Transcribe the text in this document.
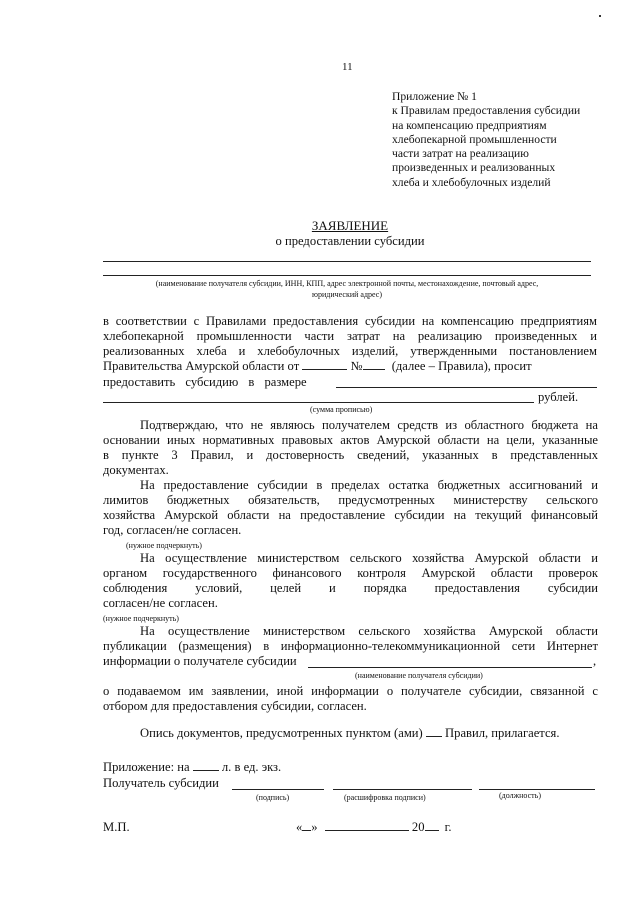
11
Приложение № 1
к Правилам предоставления субсидии
на компенсацию предприятиям
хлебопекарной промышленности
части затрат на реализацию
произведенных и реализованных
хлеба и хлебобулочных изделий
ЗАЯВЛЕНИЕ
о предоставлении субсидии
(наименование получателя субсидии, ИНН, КПП, адрес электронной почты, местонахождение, почтовый адрес,
юридический адрес)
в соответствии с Правилами предоставления субсидии на компенсацию предприятиям
хлебопекарной промышленности части затрат на реализацию произведенных и
реализованных хлеба и хлебобулочных изделий, утвержденными постановлением
Правительства Амурской области от	№ (далее – Правила), просит
предоставить субсидию в размере
рублей.
(сумма прописью)
Подтверждаю, что не являюсь получателем средств из областного бюджета на
основании иных нормативных правовых актов Амурской области на цели, указанные
в пункте 3 Правил, и достоверность сведений, указанных в представленных
документах.
На предоставление субсидии в пределах остатка бюджетных ассигнований и
лимитов бюджетных обязательств, предусмотренных министерству сельского
хозяйства Амурской области на предоставление субсидии на текущий финансовый
год, согласен/не согласен.
(нужное подчеркнуть)
На осуществление министерством сельского хозяйства Амурской области и
органом государственного финансового контроля Амурской области проверок
соблюдения условий, целей и порядка предоставления субсидии
согласен/не согласен.
(нужное подчеркнуть)
На осуществление министерством сельского хозяйства Амурской области
публикации (размещения) в информационно-телекоммуникационной сети Интернет
информации о получателе субсидии	,
(наименование получателя субсидии)
о подаваемом им заявлении, иной информации о получателе субсидии, связанной с
отбором для предоставления субсидии, согласен.
Опись документов, предусмотренных пунктом (ами) Правил, прилагается.
Приложение: на	л. в ед. экз.
Получатель субсидии
(подпись)	(расшифровка подписи)	(должность)
М.П.	« »	20 г.
